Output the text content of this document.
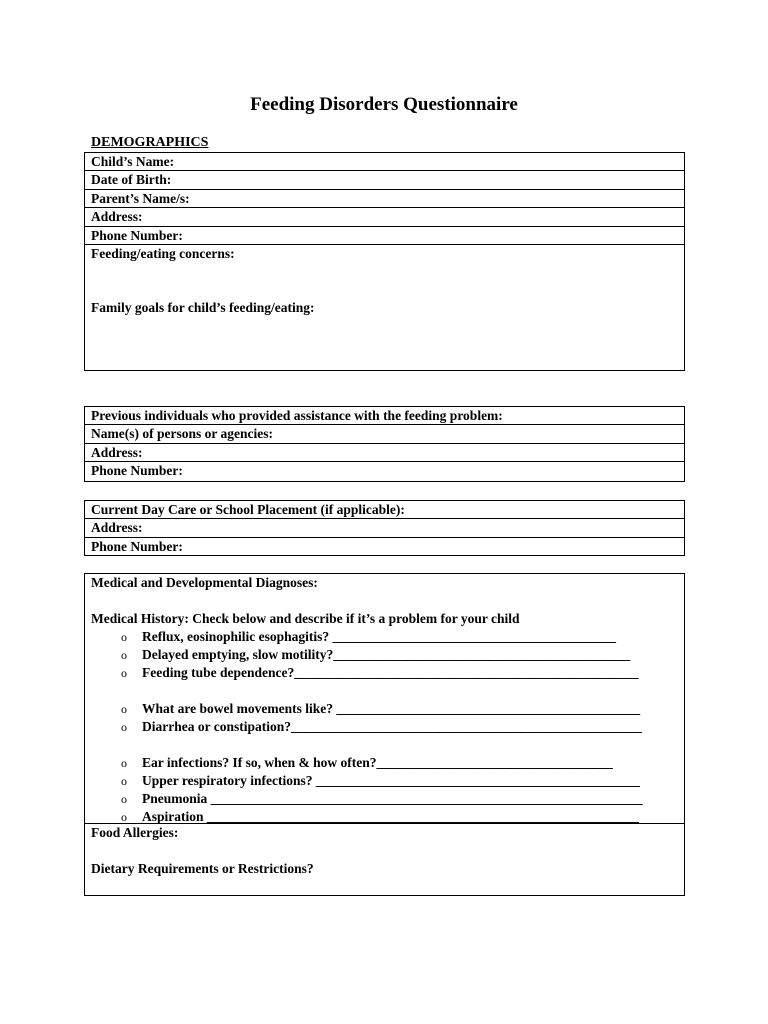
Feeding Disorders Questionnaire
DEMOGRAPHICS
Child’s Name:
Date of Birth:
Parent’s Name/s:
Address:
Phone Number:
Feeding/eating concerns:
Family goals for child’s feeding/eating:
Previous individuals who provided assistance with the feeding problem:
Name(s) of persons or agencies:
Address:
Phone Number:
Current Day Care or School Placement (if applicable):
Address:
Phone Number:
Medical and Developmental Diagnoses:
Medical History: Check below and describe if it’s a problem for your child
o Reflux, eosinophilic esophagitis? __________________________________________
o Delayed emptying, slow motility?____________________________________________
o Feeding tube dependence?___________________________________________________
o What are bowel movements like? _____________________________________________
o Diarrhea or constipation?____________________________________________________
o Ear infections? If so, when & how often?___________________________________
o Upper respiratory infections? ________________________________________________
o Pneumonia ________________________________________________________________
o Aspiration ________________________________________________________________
Food Allergies:
Dietary Requirements or Restrictions?
